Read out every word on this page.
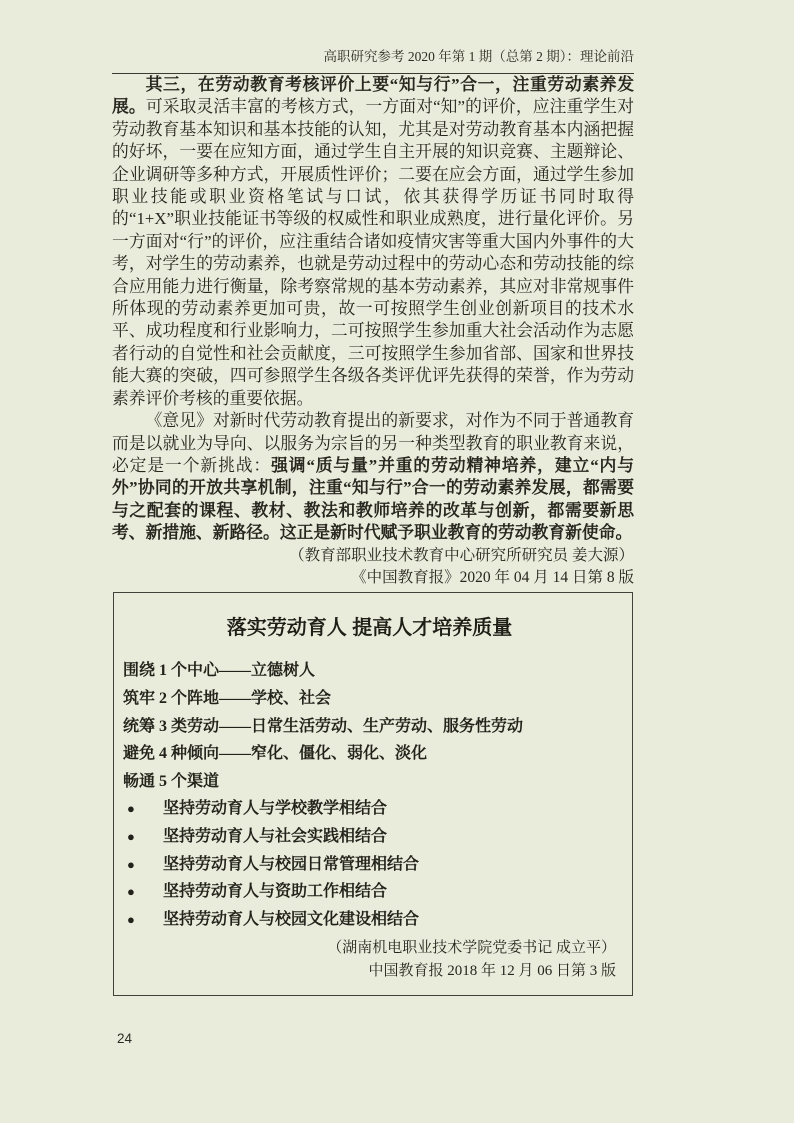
高职研究参考 2020 年第 1 期（总第 2 期）：理论前沿

其三，在劳动教育考核评价上要“知与行”合一，注重劳动素养发展。可采取灵活丰富的考核方式，一方面对“知”的评价，应注重学生对劳动教育基本知识和基本技能的认知，尤其是对劳动教育基本内涵把握的好坏，一要在应知方面，通过学生自主开展的知识竞赛、主题辩论、企业调研等多种方式，开展质性评价；二要在应会方面，通过学生参加职业技能或职业资格笔试与口试，依其获得学历证书同时取得的“1+X”职业技能证书等级的权威性和职业成熟度，进行量化评价。另一方面对“行”的评价，应注重结合诸如疫情灾害等重大国内外事件的大考，对学生的劳动素养，也就是劳动过程中的劳动心态和劳动技能的综合应用能力进行衡量，除考察常规的基本劳动素养，其应对非常规事件所体现的劳动素养更加可贵，故一可按照学生创业创新项目的技术水平、成功程度和行业影响力，二可按照学生参加重大社会活动作为志愿者行动的自觉性和社会贡献度，三可按照学生参加省部、国家和世界技能大赛的突破，四可参照学生各级各类评优评先获得的荣誉，作为劳动素养评价考核的重要依据。

《意见》对新时代劳动教育提出的新要求，对作为不同于普通教育而是以就业为导向、以服务为宗旨的另一种类型教育的职业教育来说，必定是一个新挑战：强调“质与量”并重的劳动精神培养，建立“内与外”协同的开放共享机制，注重“知与行”合一的劳动素养发展，都需要与之配套的课程、教材、教法和教师培养的改革与创新，都需要新思考、新措施、新路径。这正是新时代赋予职业教育的劳动教育新使命。

（教育部职业技术教育中心研究所研究员 姜大源）
《中国教育报》2020 年 04 月 14 日第 8 版
落实劳动育人 提高人才培养质量
围绕 1 个中心——立德树人
筑牢 2 个阵地——学校、社会
统筹 3 类劳动——日常生活劳动、生产劳动、服务性劳动
避免 4 种倾向——窄化、僵化、弱化、淡化
畅通 5 个渠道
●	坚持劳动育人与学校教学相结合
●	坚持劳动育人与社会实践相结合
●	坚持劳动育人与校园日常管理相结合
●	坚持劳动育人与资助工作相结合
●	坚持劳动育人与校园文化建设相结合
（湖南机电职业技术学院党委书记 成立平）
中国教育报 2018 年 12 月 06 日第 3 版
24
